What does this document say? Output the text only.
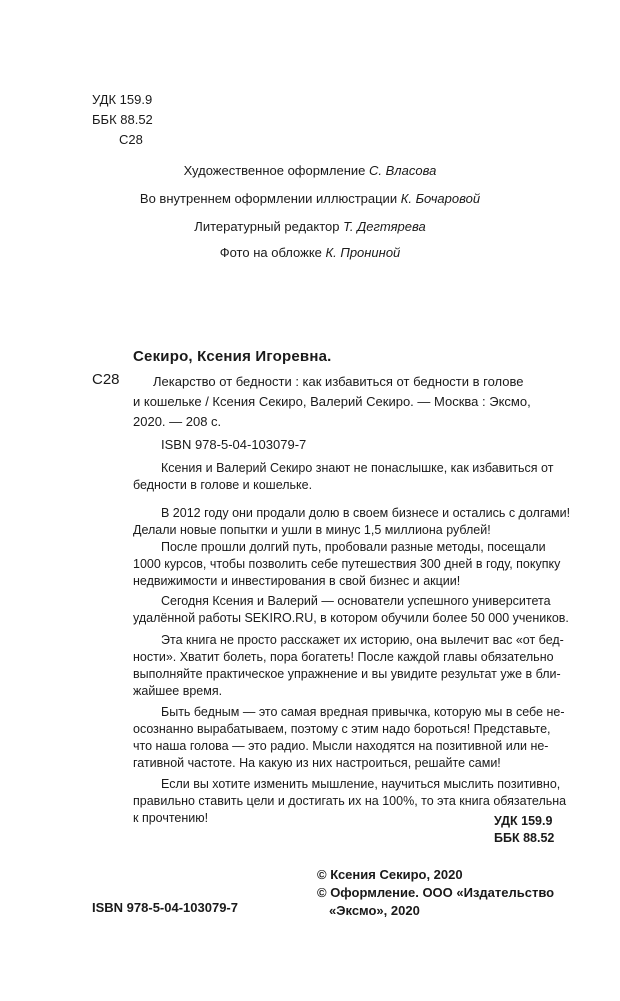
УДК 159.9
ББК 88.52
С28
Художественное оформление С. Власова
Во внутреннем оформлении иллюстрации К. Бочаровой
Литературный редактор Т. Дегтярева
Фото на обложке К. Прониной
Секиро, Ксения Игоревна.
С28	Лекарство от бедности : как избавиться от бедности в голове
и кошельке / Ксения Секиро, Валерий Секиро. — Москва : Эксмо,
2020. — 208 с.
ISBN 978-5-04-103079-7
Ксения и Валерий Секиро знают не понаслышке, как избавиться от
бедности в голове и кошельке.
В 2012 году они продали долю в своем бизнесе и остались с долгами!
Делали новые попытки и ушли в минус 1,5 миллиона рублей!
После прошли долгий путь, пробовали разные методы, посещали
1000 курсов, чтобы позволить себе путешествия 300 дней в году, покупку
недвижимости и инвестирования в свой бизнес и акции!
Сегодня Ксения и Валерий — основатели успешного университета
удалённой работы SEKIRO.RU, в котором обучили более 50 000 учеников.
Эта книга не просто расскажет их историю, она вылечит вас «от бед-
ности». Хватит болеть, пора богатеть! После каждой главы обязательно
выполняйте практическое упражнение и вы увидите результат уже в бли-
жайшее время.
Быть бедным — это самая вредная привычка, которую мы в себе не-
осознанно вырабатываем, поэтому с этим надо бороться! Представьте,
что наша голова — это радио. Мысли находятся на позитивной или не-
гативной частоте. На какую из них настроиться, решайте сами!
Если вы хотите изменить мышление, научиться мыслить позитивно,
правильно ставить цели и достигать их на 100%, то эта книга обязательна
к прочтению!	УДК 159.9
ББК 88.52
© Ксения Секиро, 2020
© Оформление. ООО «Издательство
«Эксмо», 2020
ISBN 978-5-04-103079-7
